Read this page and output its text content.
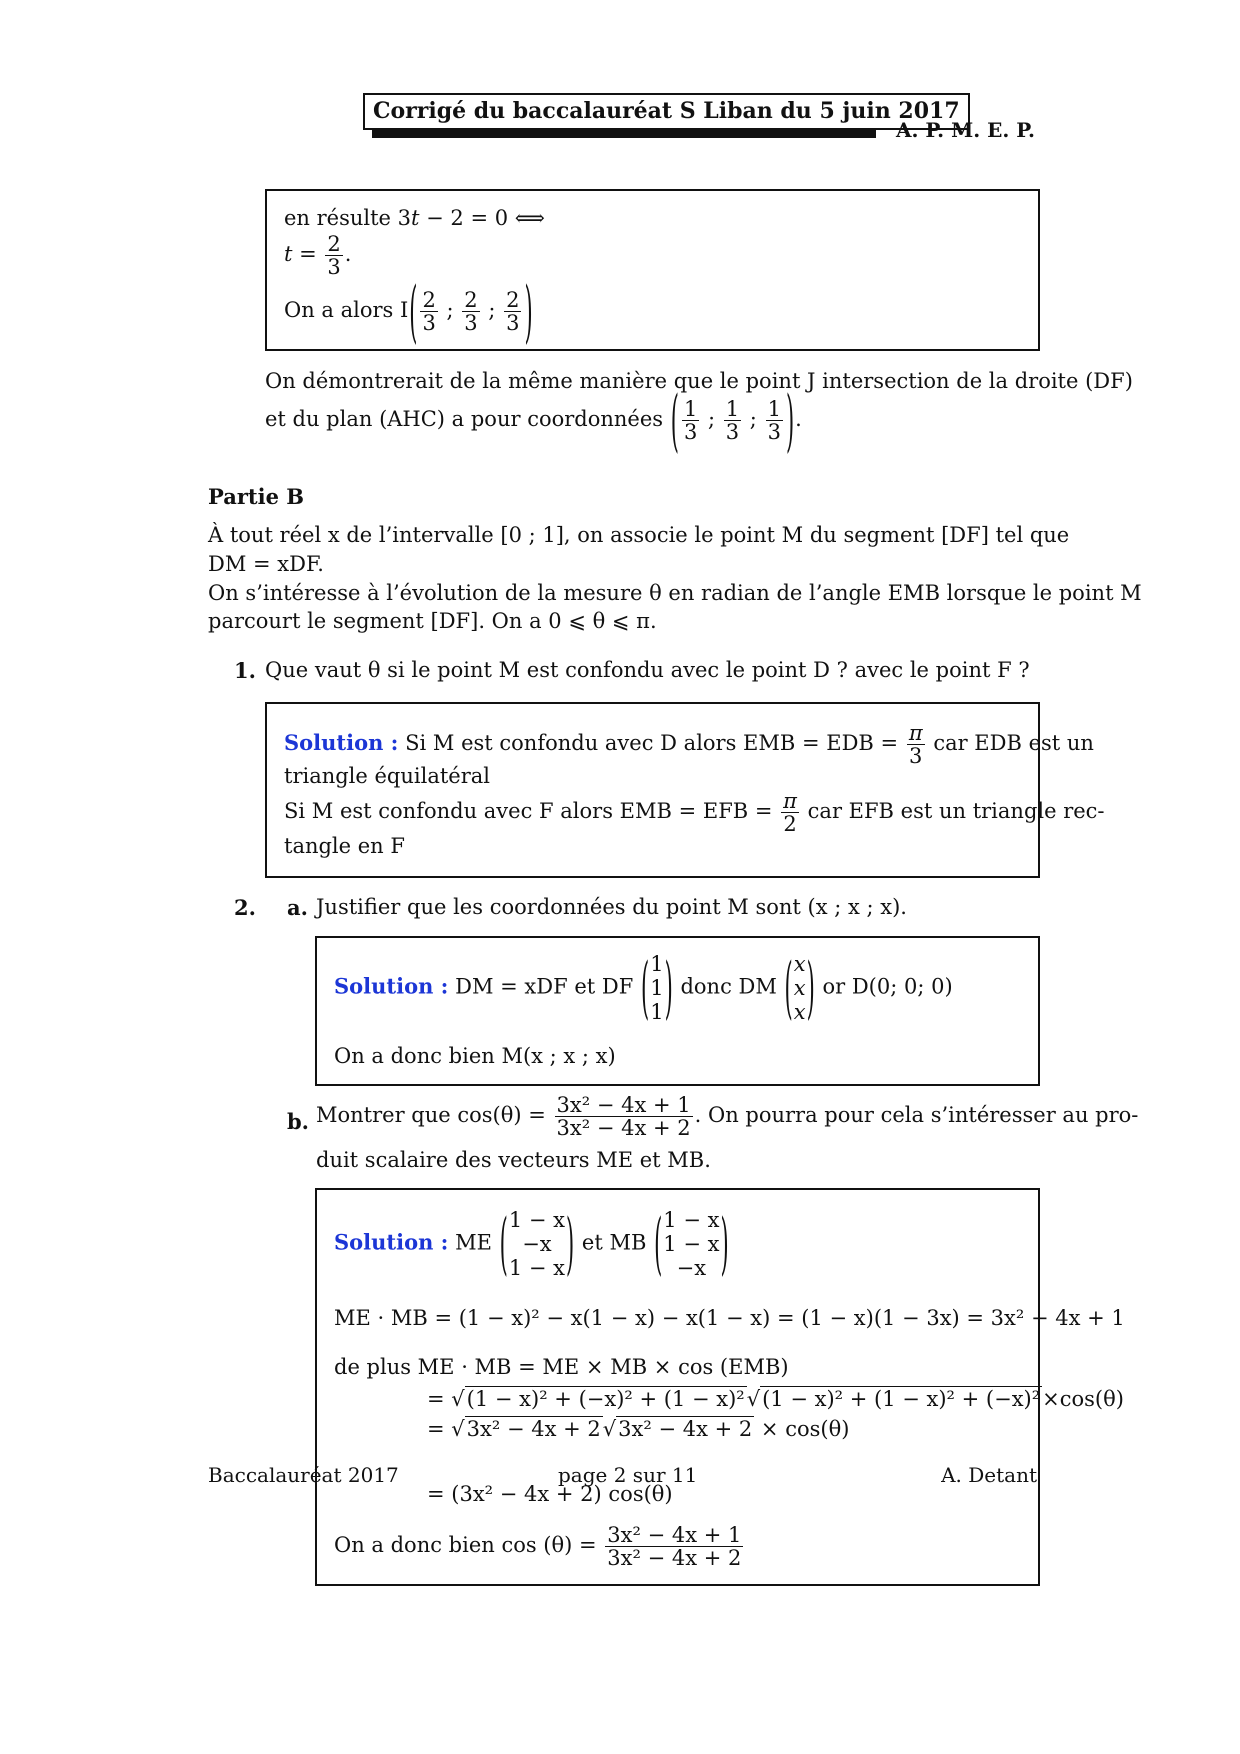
Corrigé du baccalauréat S Liban du 5 juin 2017
A. P. M. E. P.
en résulte 3t − 2 = 0 ⟺
$t = \frac{2}{3}$ .
On a alors $I( \frac{2}{3}$ ; $\frac{2}{3}$ ; $\frac{2}{3}$ )
On démontrerait de la même manière que le point J intersection de la droite (DF)
et du plan (AHC) a pour coordonnées ( $\frac{1}{3}$ ; $\frac{1}{3}$ ; $\frac{1}{3}$ ).
Partie B
À tout réel x de l’intervalle [0 ; 1], on associe le point M du segment [DF] tel que
DM = xDF.
On s’intéresse à l’évolution de la mesure θ en radian de l’angle EMB lorsque le point M
parcourt le segment [DF]. On a 0 ⩽ θ ⩽ π.
1. Que vaut θ si le point M est confondu avec le point D ? avec le point F ?
Solution : Si M est confondu avec D alors EMB = EDB = $\frac{\pi}{3}$ car EDB est un
triangle équilatéral
Si M est confondu avec F alors EMB = EFB = $\frac{\pi}{2}$ car EFB est un triangle rec-
tangle en F
2. a. Justifier que les coordonnées du point M sont (x ; x ; x).
Solution : DM = xDF et DF (1
1
1) donc DM (x
x
x) or D(0; 0; 0)
On a donc bien M(x ; x ; x)
b. Montrer que $\cos(\theta) = \frac{\text{3x² − 4x + 1}}{\text{3x² − 4x + 2}}$ . On pourra pour cela s’intéresser au pro-
duit scalaire des vecteurs ME et MB.
Solution : ME (1 − x
−x
1 − x) et MB (1 − x
1 − x
−x )
ME · MB = (1 − x)² − x(1 − x) − x(1 − x) = (1 − x)(1 − 3x) = 3x² − 4x + 1
de plus ME · MB = ME × MB × cos (EMB)
= √(1 − x)² + (−x)² + (1 − x)²√(1 − x)² + (1 − x)² + (−x)²×cos(θ)
= √3x² − 4x + 2√3x² − 4x + 2 × cos(θ)
= (3x² − 4x + 2) cos(θ)
On a donc bien $\cos (\theta) = \frac{\text{3x² − 4x + 1}}{\text{3x² − 4x + 2}}$
Baccalauréat 2017	page 2 sur 11	A. Detant
